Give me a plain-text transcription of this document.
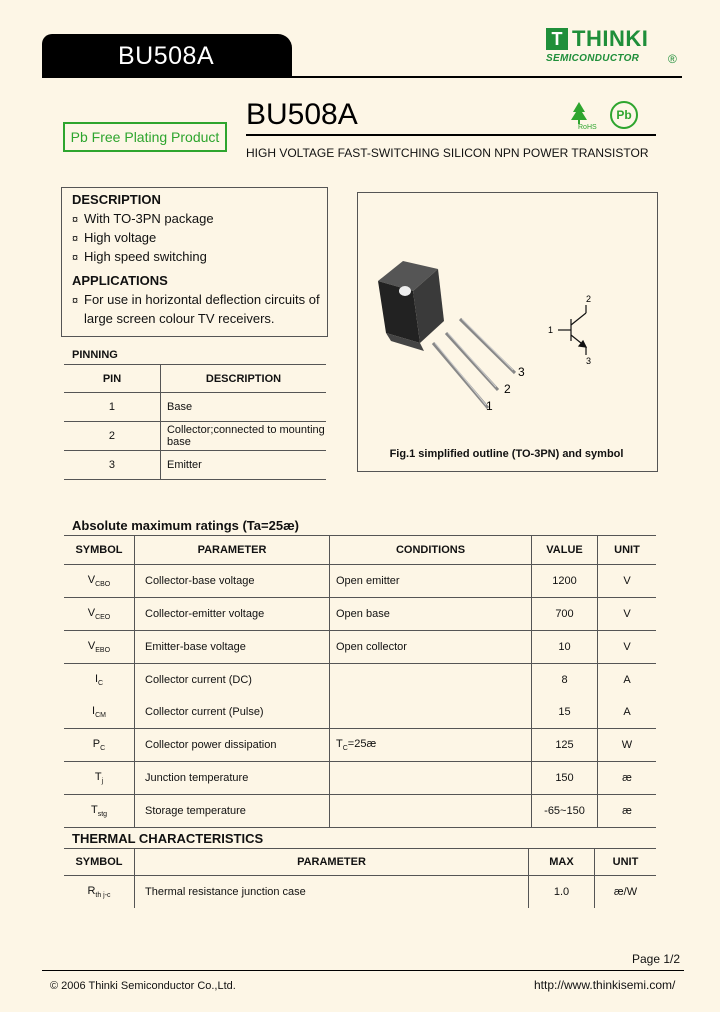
BU508A
T THINKI
SEMICONDUCTOR ®
Pb Free Plating Product
BU508A
HIGH VOLTAGE FAST-SWITCHING SILICON NPN POWER TRANSISTOR
RoHS
Pb
DESCRIPTION
¤ With TO-3PN package
¤ High voltage
¤ High speed switching
APPLICATIONS
¤ For use in horizontal deflection circuits of
large screen colour TV receivers.
1
2
3
1
2
3
Fig.1 simplified outline (TO-3PN) and symbol
PINNING
PIN	DESCRIPTION
1	Base
2	Collector;connected to mounting base
3	Emitter
Absolute maximum ratings (Ta=25æ)
SYMBOL	PARAMETER	CONDITIONS	VALUE	UNIT
$V_{CBO}$	Collector-base voltage	Open emitter	1200	V
$V_{CEO}$	Collector-emitter voltage	Open base	700	V
$V_{EBO}$	Emitter-base voltage	Open collector	10	V
$I_C$	Collector current (DC)		8	A
$I_{CM}$	Collector current (Pulse)		15	A
$P_C$	Collector power dissipation	$T_C=25æ$	125	W
$T_j$	Junction temperature		150	æ
$T_{stg}$	Storage temperature		-65~150	æ
THERMAL CHARACTERISTICS
SYMBOL	PARAMETER	MAX	UNIT
$R_{th j-c}$	Thermal resistance junction case	1.0	æ/W
Page 1/2
© 2006 Thinki Semiconductor Co.,Ltd.	http://www.thinkisemi.com/
